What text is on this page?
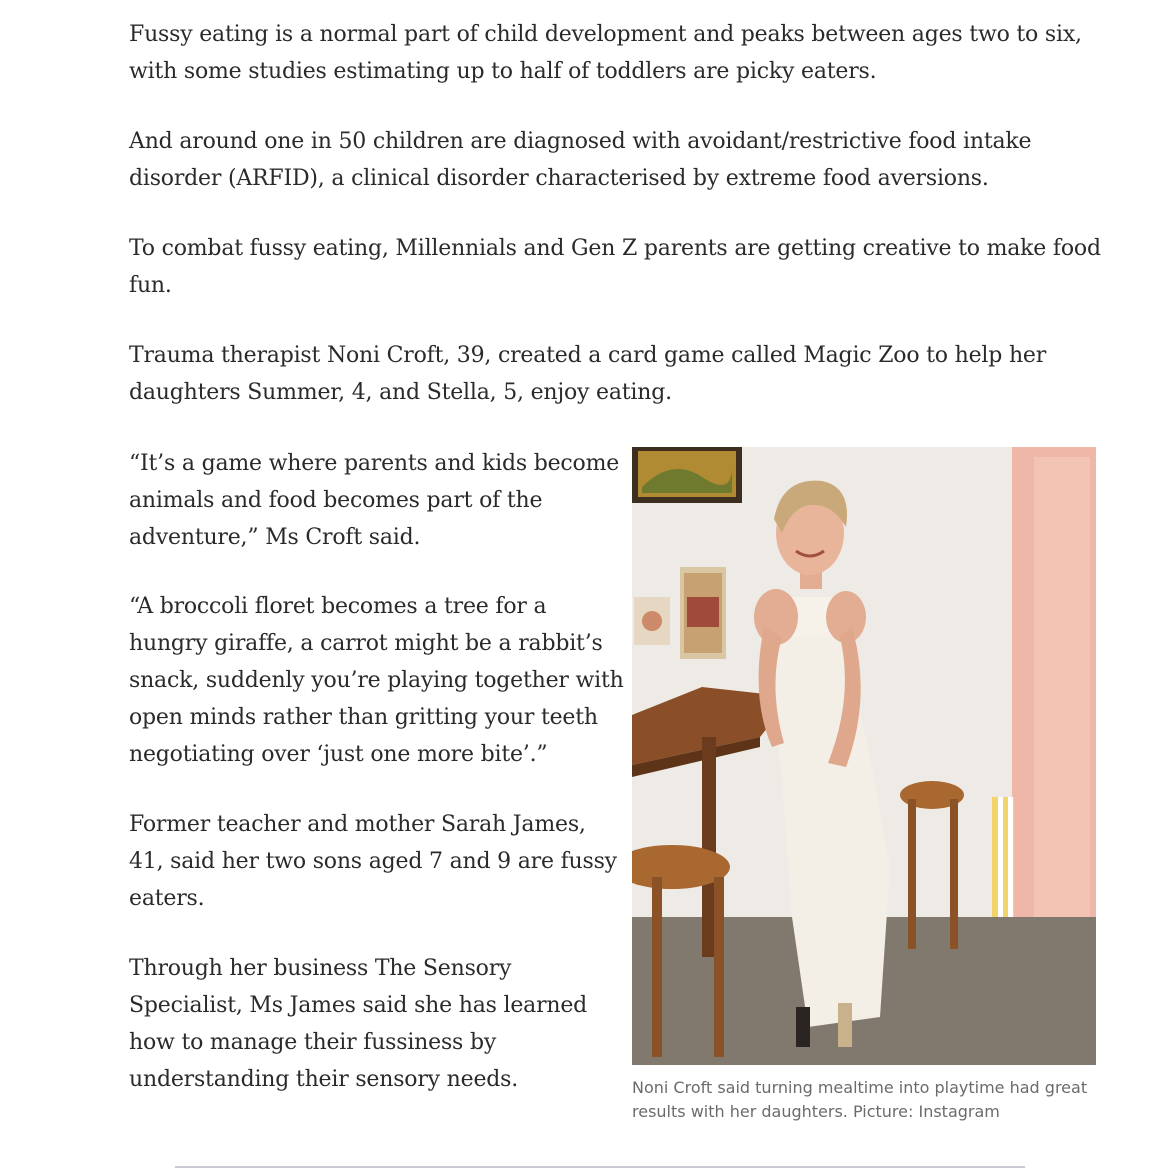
Fussy eating is a normal part of child development and peaks between ages two to six, with some studies estimating up to half of toddlers are picky eaters.

And around one in 50 children are diagnosed with avoidant/restrictive food intake disorder (ARFID), a clinical disorder characterised by extreme food aversions.

To combat fussy eating, Millennials and Gen Z parents are getting creative to make food fun.

Trauma therapist Noni Croft, 39, created a card game called Magic Zoo to help her daughters Summer, 4, and Stella, 5, enjoy eating.

“It’s a game where parents and kids become animals and food becomes part of the adventure,” Ms Croft said.

“A broccoli floret becomes a tree for a hungry giraffe, a carrot might be a rabbit’s snack, suddenly you’re playing together with open minds rather than gritting your teeth negotiating over ‘just one more bite’.”

Former teacher and mother Sarah James, 41, said her two sons aged 7 and 9 are fussy eaters.

Through her business The Sensory Specialist, Ms James said she has learned how to manage their fussiness by understanding their sensory needs.	Noni Croft said turning mealtime into playtime had great results with her daughters. Picture: Instagram
